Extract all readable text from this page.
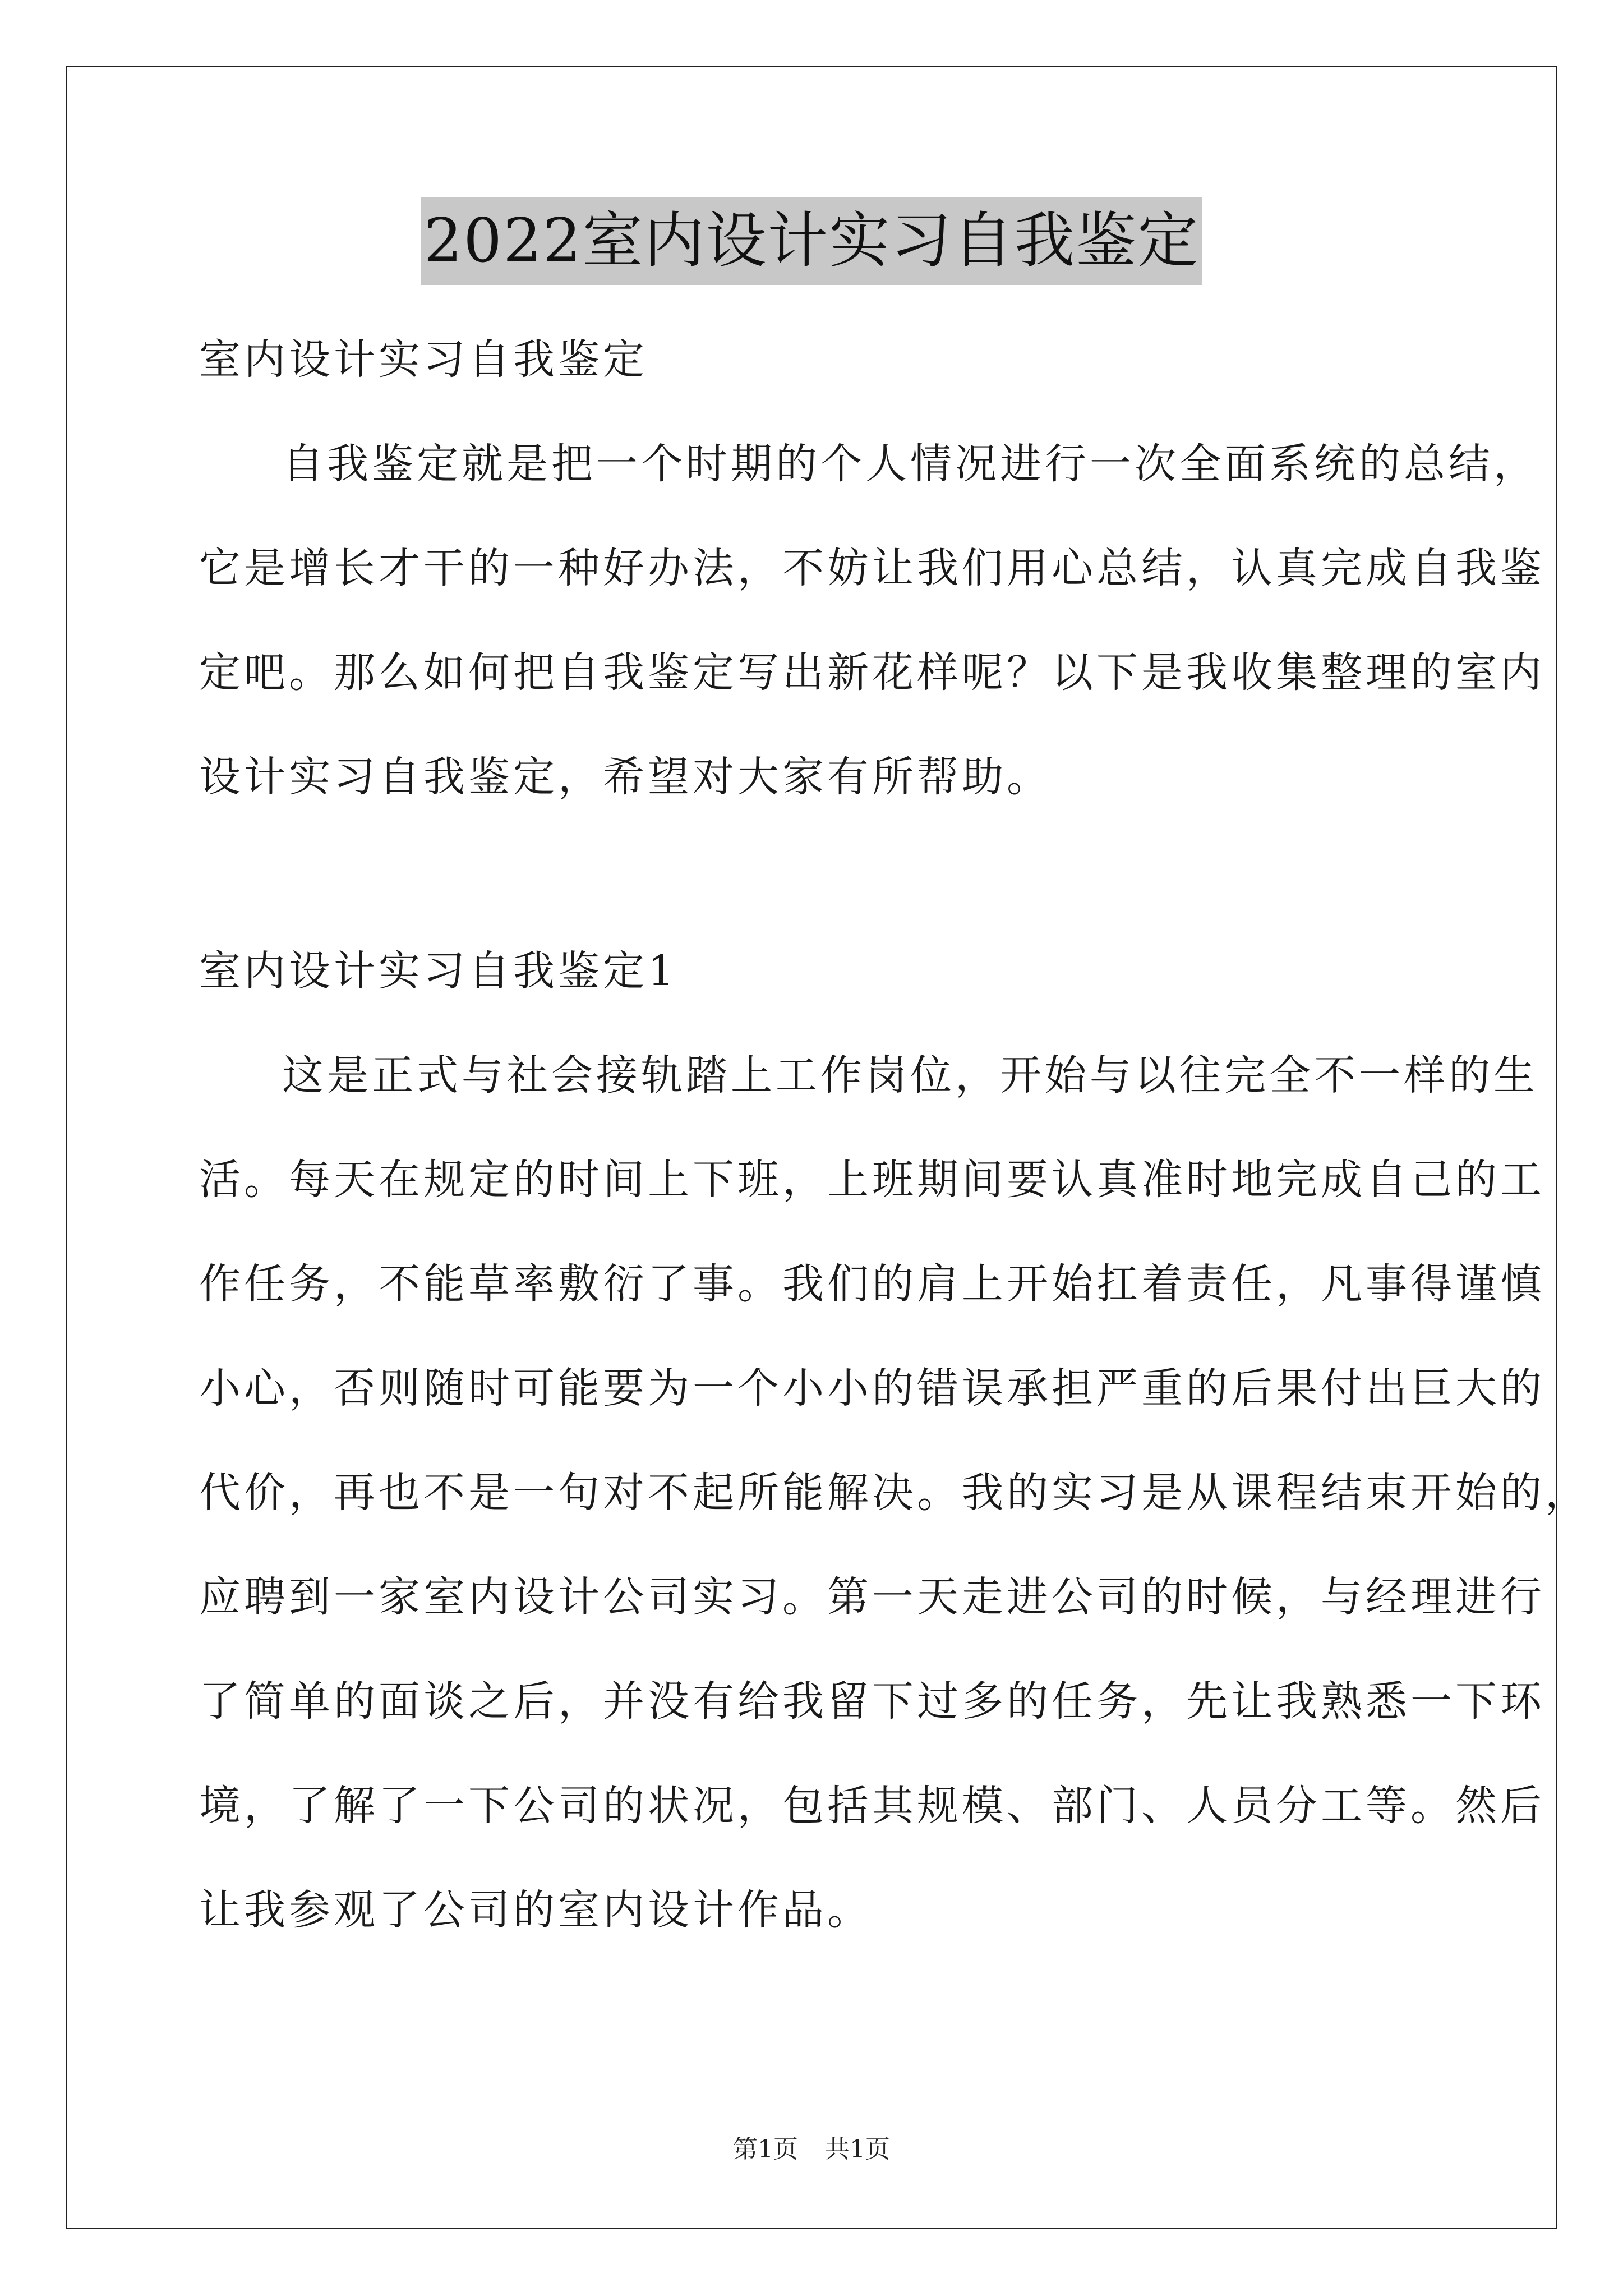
2022室内设计实习自我鉴定
室内设计实习自我鉴定
自我鉴定就是把一个时期的个人情况进行一次全面系统的总结，
它是增长才干的一种好办法，不妨让我们用心总结，认真完成自我鉴
定吧。那么如何把自我鉴定写出新花样呢？以下是我收集整理的室内
设计实习自我鉴定，希望对大家有所帮助。
室内设计实习自我鉴定1
这是正式与社会接轨踏上工作岗位，开始与以往完全不一样的生
活。每天在规定的时间上下班，上班期间要认真准时地完成自己的工
作任务，不能草率敷衍了事。我们的肩上开始扛着责任，凡事得谨慎
小心，否则随时可能要为一个小小的错误承担严重的后果付出巨大的
代价，再也不是一句对不起所能解决。我的实习是从课程结束开始的，
应聘到一家室内设计公司实习。第一天走进公司的时候，与经理进行
了简单的面谈之后，并没有给我留下过多的任务，先让我熟悉一下环
境，了解了一下公司的状况，包括其规模、部门、人员分工等。然后
让我参观了公司的室内设计作品。
第1页 共1页
